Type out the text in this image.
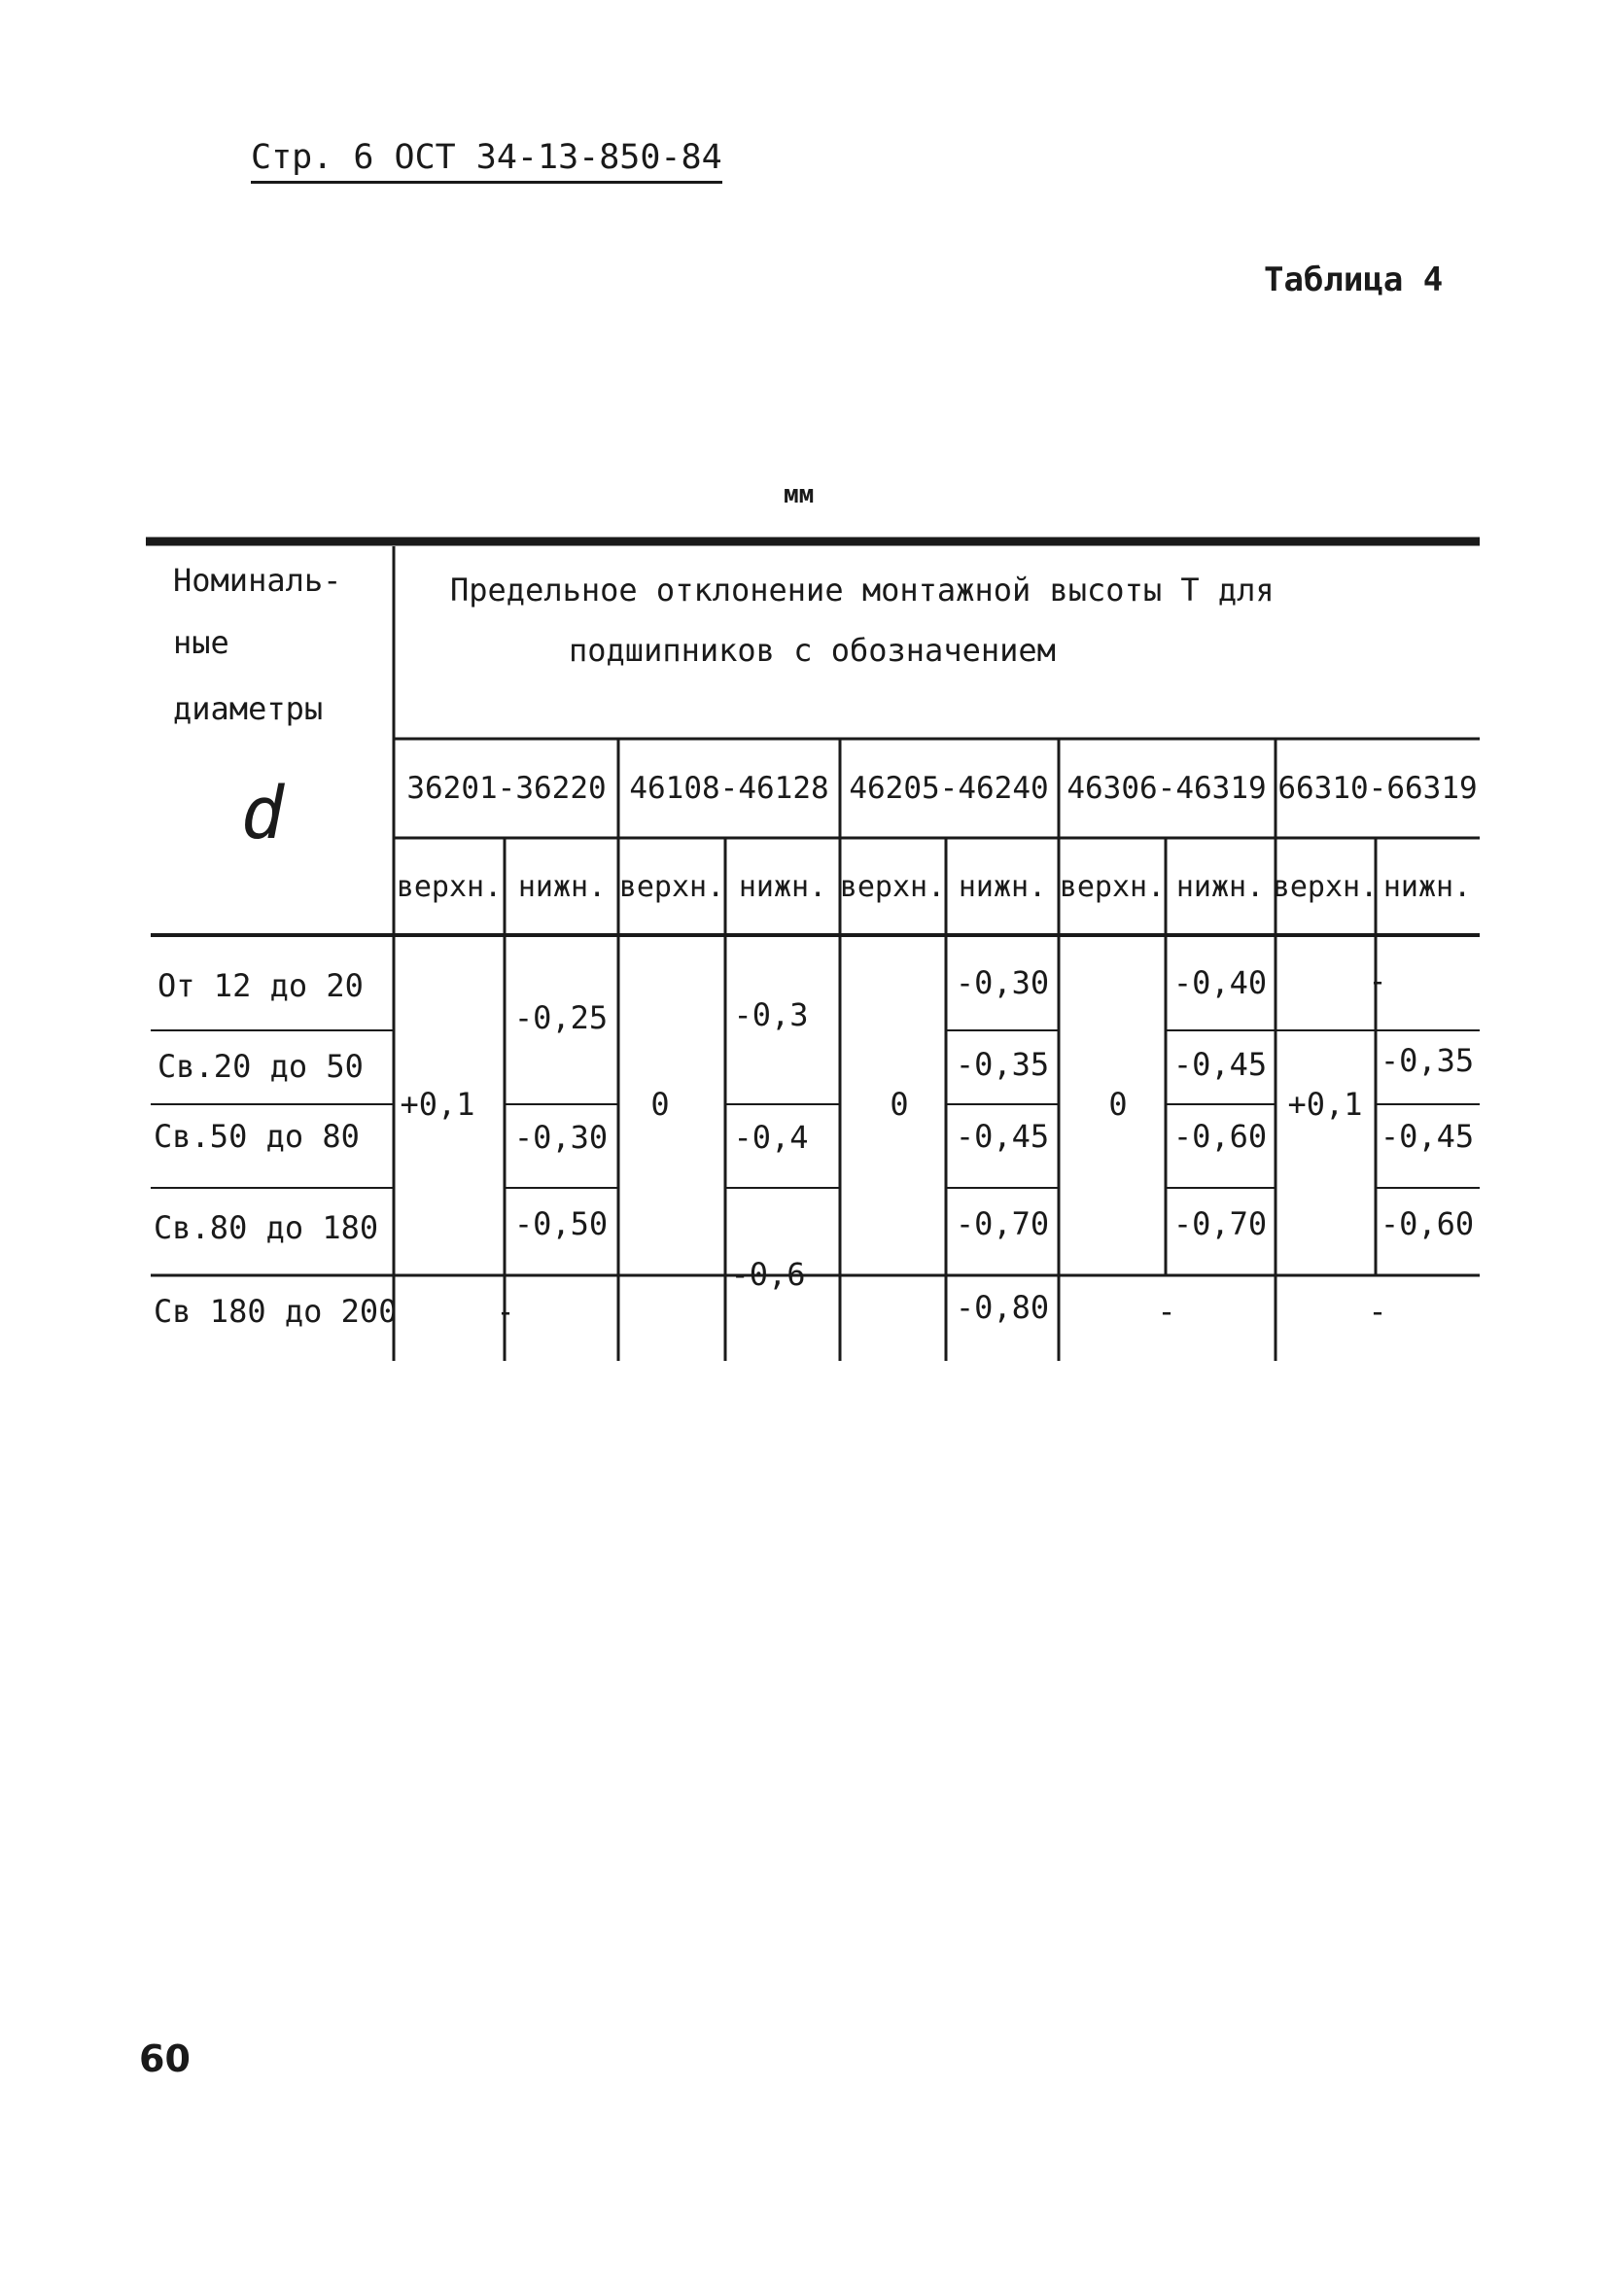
Стр. 6 ОСТ 34-13-850-84
Таблица 4
мм
Номиналь-
ные
диаметры
d
Предельное отклонение монтажной высоты Т для
подшипников с обозначением
36201-36220 46108-46128 46205-46240 46306-46319 66310-66319
верхн. нижн. верхн. нижн. верхн. нижн. верхн. нижн. верхн. нижн.
От 12 до 20
Св.20 до 50
Св.50 до 80
Св.80 до 180
Св 180 до 200
+0,1
-0,25
-0,30
-0,50
-
0
-0,3
-0,4
-0,6
0
-0,30
-0,35
-0,45
-0,70
-0,80
0
-0,40
-0,45
-0,60
-0,70
-
-
+0,1
-0,35
-0,45
-0,60
-
60
